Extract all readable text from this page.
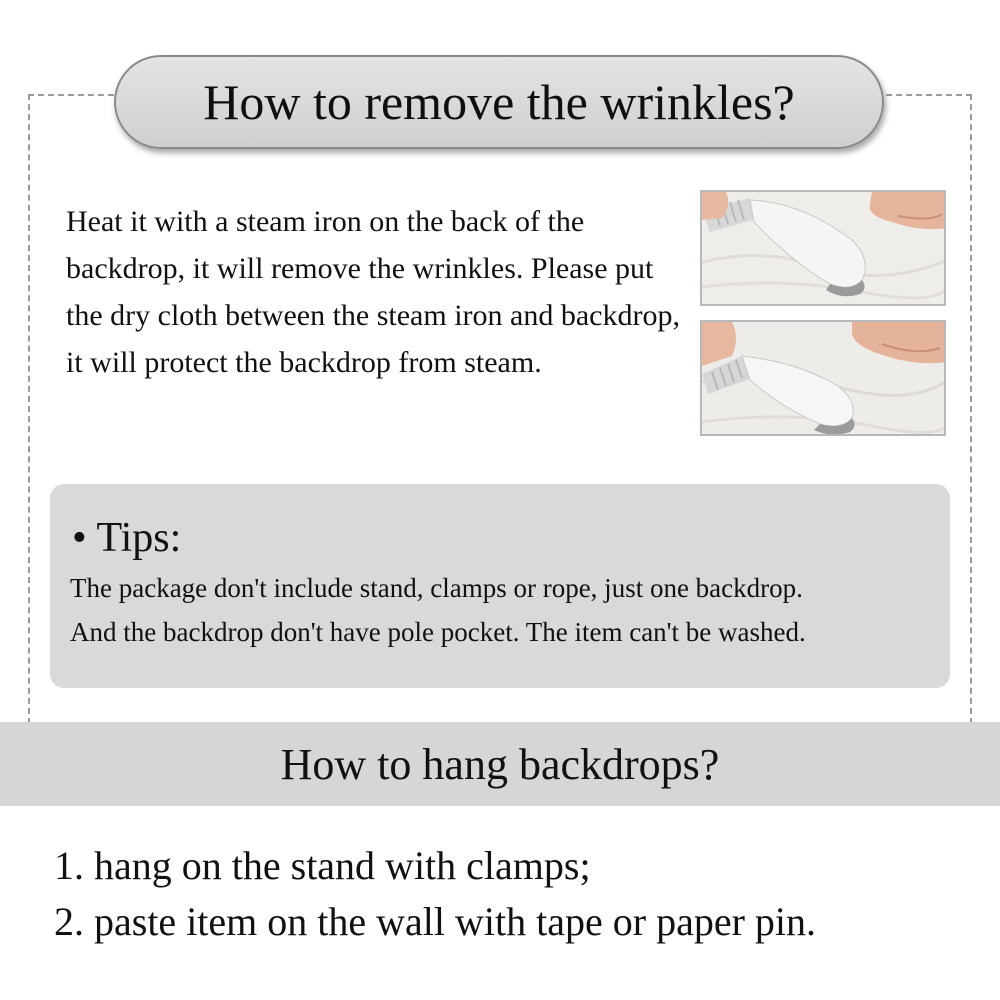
How to remove the wrinkles?

Heat it with a steam iron on the back of the backdrop, it will remove the wrinkles. Please put the dry cloth between the steam iron and backdrop, it will protect the backdrop from steam.

• Tips:

The package don't include stand, clamps or rope, just one backdrop.
And the backdrop don't have pole pocket. The item can't be washed.

How to hang backdrops?
1. hang on the stand with clamps;
2. paste item on the wall with tape or paper pin.
